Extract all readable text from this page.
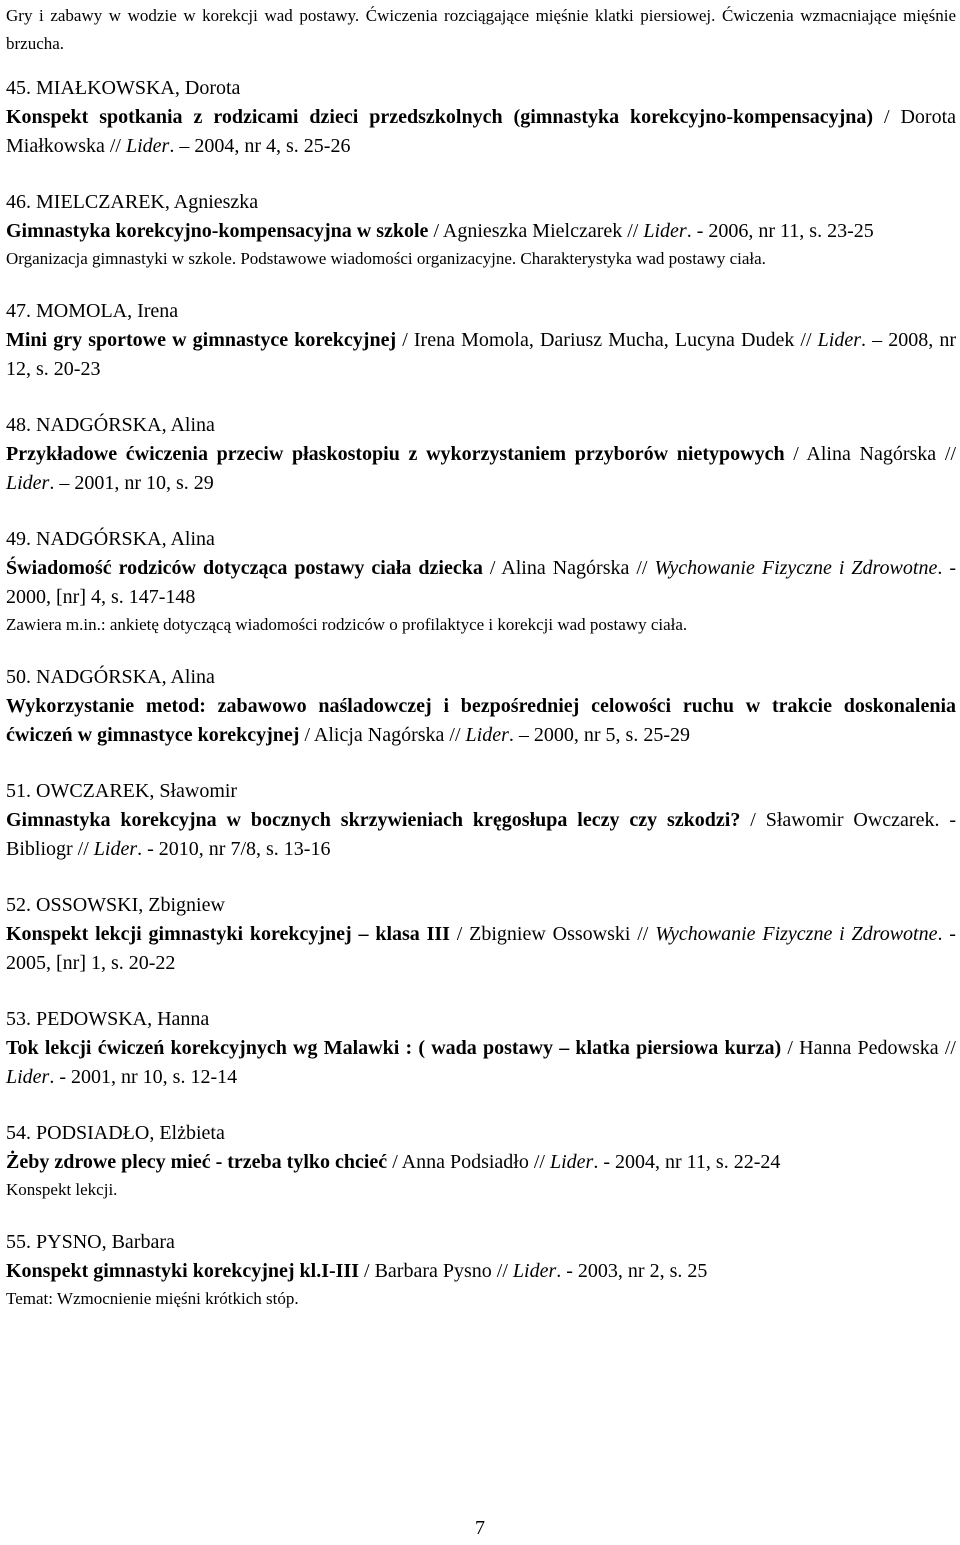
Gry i zabawy w wodzie w korekcji wad postawy. Ćwiczenia rozciągające mięśnie klatki piersiowej. Ćwiczenia wzmacniające mięśnie brzucha.
45. MIAŁKOWSKA, Dorota
Konspekt spotkania z rodzicami dzieci przedszkolnych (gimnastyka korekcyjno-kompensacyjna) / Dorota Miałkowska // Lider. – 2004, nr 4, s. 25-26
46. MIELCZAREK, Agnieszka
Gimnastyka korekcyjno-kompensacyjna w szkole / Agnieszka Mielczarek // Lider. - 2006, nr 11, s. 23-25
Organizacja gimnastyki w szkole. Podstawowe wiadomości organizacyjne. Charakterystyka wad postawy ciała.
47. MOMOLA, Irena
Mini gry sportowe w gimnastyce korekcyjnej / Irena Momola, Dariusz Mucha, Lucyna Dudek // Lider. – 2008, nr 12, s. 20-23
48. NADGÓRSKA, Alina
Przykładowe ćwiczenia przeciw płaskostopiu z wykorzystaniem przyborów nietypowych / Alina Nagórska // Lider. – 2001, nr 10, s. 29
49. NADGÓRSKA, Alina
Świadomość rodziców dotycząca postawy ciała dziecka / Alina Nagórska // Wychowanie Fizyczne i Zdrowotne. - 2000, [nr] 4, s. 147-148
Zawiera m.in.: ankietę dotyczącą wiadomości rodziców o profilaktyce i korekcji wad postawy ciała.
50. NADGÓRSKA, Alina
Wykorzystanie metod: zabawowo naśladowczej i bezpośredniej celowości ruchu w trakcie doskonalenia ćwiczeń w gimnastyce korekcyjnej / Alicja Nagórska // Lider. – 2000, nr 5, s. 25-29
51. OWCZAREK, Sławomir
Gimnastyka korekcyjna w bocznych skrzywieniach kręgosłupa leczy czy szkodzi? / Sławomir Owczarek. - Bibliogr // Lider. - 2010, nr 7/8, s. 13-16
52. OSSOWSKI, Zbigniew
Konspekt lekcji gimnastyki korekcyjnej – klasa III / Zbigniew Ossowski // Wychowanie Fizyczne i Zdrowotne. - 2005, [nr] 1, s. 20-22
53. PEDOWSKA, Hanna
Tok lekcji ćwiczeń korekcyjnych wg Malawki : ( wada postawy – klatka piersiowa kurza) / Hanna Pedowska // Lider. - 2001, nr 10, s. 12-14
54. PODSIADŁO, Elżbieta
Żeby zdrowe plecy mieć - trzeba tylko chcieć / Anna Podsiadło // Lider. - 2004, nr 11, s. 22-24
Konspekt lekcji.
55. PYSNO, Barbara
Konspekt gimnastyki korekcyjnej kl.I-III / Barbara Pysno // Lider. - 2003, nr 2, s. 25
Temat: Wzmocnienie mięśni krótkich stóp.
7
